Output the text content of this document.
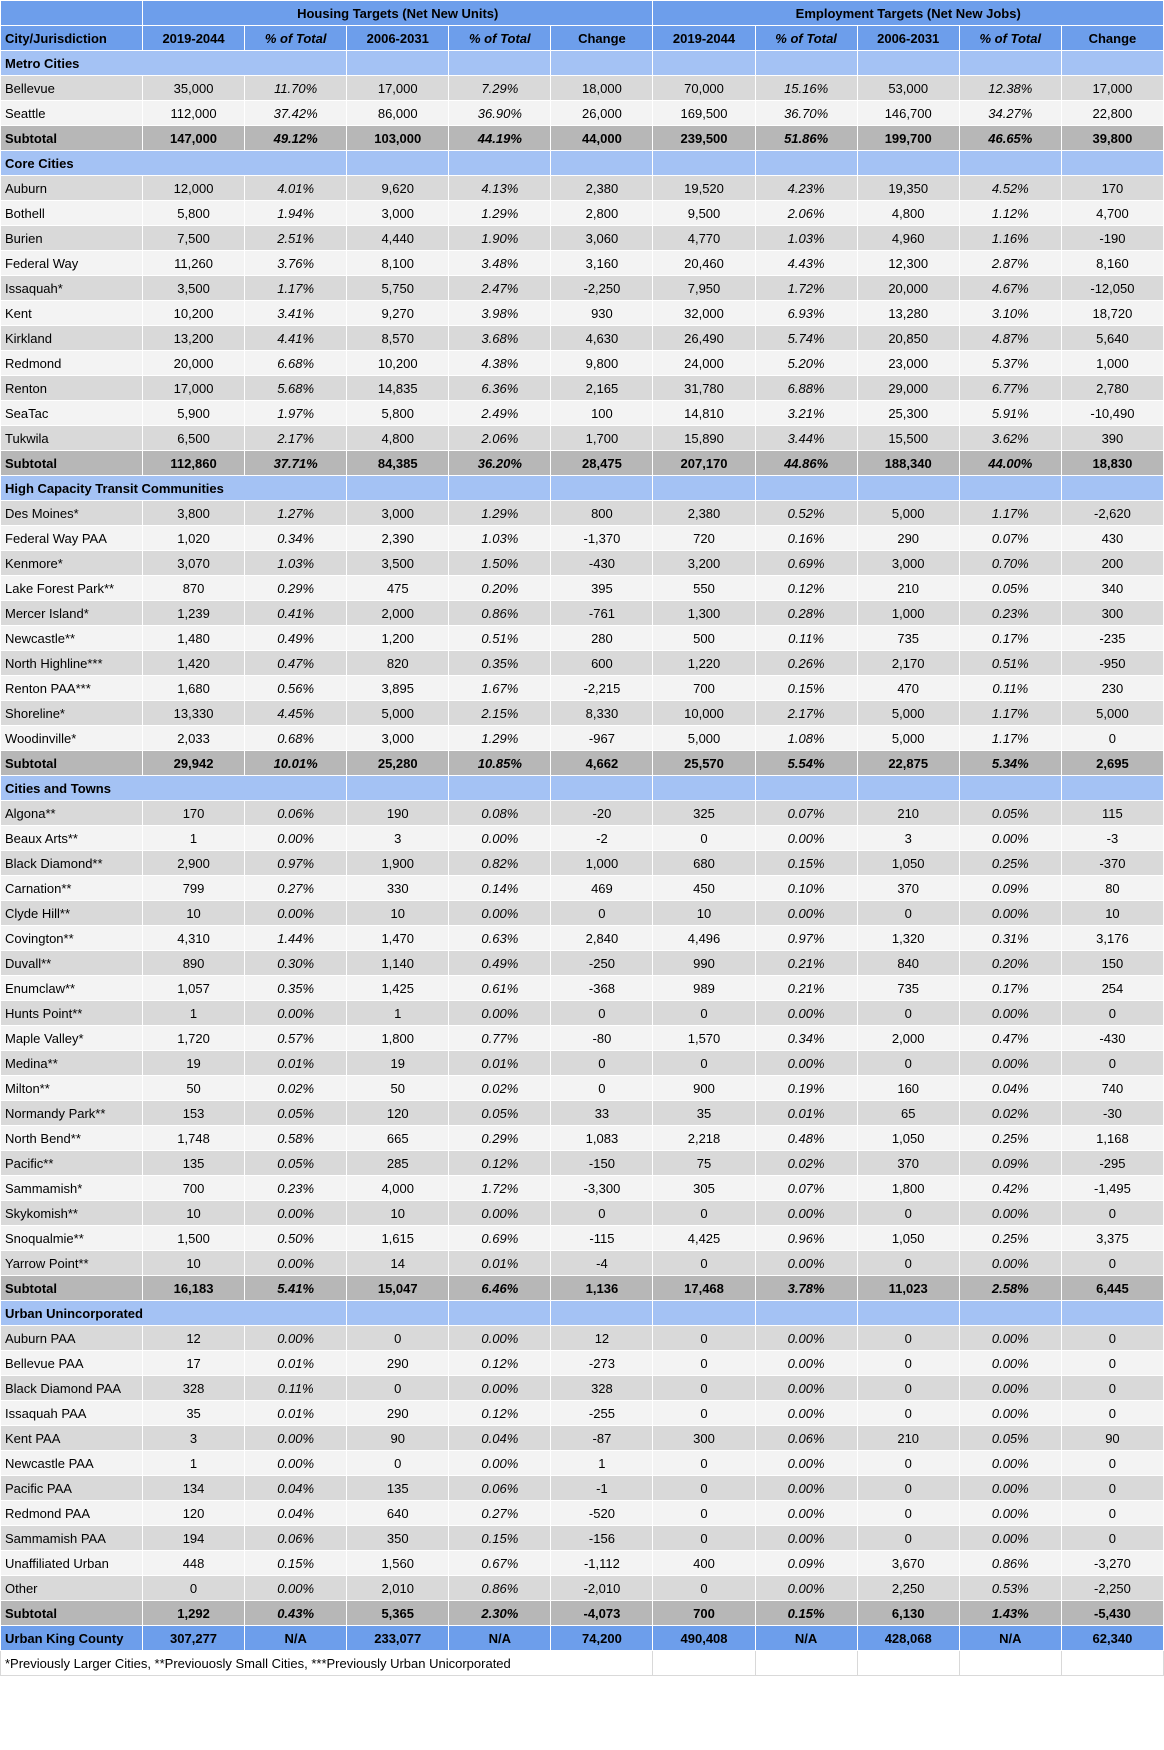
	Housing Targets (Net New Units)					Employment Targets (Net New Jobs)				
City/Jurisdiction	2019-2044	% of Total	2006-2031	% of Total	Change	2019-2044	% of Total	2006-2031	% of Total	Change
Metro Cities										
Bellevue	35,000	11.70%	17,000	7.29%	18,000	70,000	15.16%	53,000	12.38%	17,000
Seattle	112,000	37.42%	86,000	36.90%	26,000	169,500	36.70%	146,700	34.27%	22,800
Subtotal	147,000	49.12%	103,000	44.19%	44,000	239,500	51.86%	199,700	46.65%	39,800
Core Cities										
Auburn	12,000	4.01%	9,620	4.13%	2,380	19,520	4.23%	19,350	4.52%	170
Bothell	5,800	1.94%	3,000	1.29%	2,800	9,500	2.06%	4,800	1.12%	4,700
Burien	7,500	2.51%	4,440	1.90%	3,060	4,770	1.03%	4,960	1.16%	-190
Federal Way	11,260	3.76%	8,100	3.48%	3,160	20,460	4.43%	12,300	2.87%	8,160
Issaquah*	3,500	1.17%	5,750	2.47%	-2,250	7,950	1.72%	20,000	4.67%	-12,050
Kent	10,200	3.41%	9,270	3.98%	930	32,000	6.93%	13,280	3.10%	18,720
Kirkland	13,200	4.41%	8,570	3.68%	4,630	26,490	5.74%	20,850	4.87%	5,640
Redmond	20,000	6.68%	10,200	4.38%	9,800	24,000	5.20%	23,000	5.37%	1,000
Renton	17,000	5.68%	14,835	6.36%	2,165	31,780	6.88%	29,000	6.77%	2,780
SeaTac	5,900	1.97%	5,800	2.49%	100	14,810	3.21%	25,300	5.91%	-10,490
Tukwila	6,500	2.17%	4,800	2.06%	1,700	15,890	3.44%	15,500	3.62%	390
Subtotal	112,860	37.71%	84,385	36.20%	28,475	207,170	44.86%	188,340	44.00%	18,830
High Capacity Transit Communities										
Des Moines*	3,800	1.27%	3,000	1.29%	800	2,380	0.52%	5,000	1.17%	-2,620
Federal Way PAA	1,020	0.34%	2,390	1.03%	-1,370	720	0.16%	290	0.07%	430
Kenmore*	3,070	1.03%	3,500	1.50%	-430	3,200	0.69%	3,000	0.70%	200
Lake Forest Park**	870	0.29%	475	0.20%	395	550	0.12%	210	0.05%	340
Mercer Island*	1,239	0.41%	2,000	0.86%	-761	1,300	0.28%	1,000	0.23%	300
Newcastle**	1,480	0.49%	1,200	0.51%	280	500	0.11%	735	0.17%	-235
North Highline***	1,420	0.47%	820	0.35%	600	1,220	0.26%	2,170	0.51%	-950
Renton PAA***	1,680	0.56%	3,895	1.67%	-2,215	700	0.15%	470	0.11%	230
Shoreline*	13,330	4.45%	5,000	2.15%	8,330	10,000	2.17%	5,000	1.17%	5,000
Woodinville*	2,033	0.68%	3,000	1.29%	-967	5,000	1.08%	5,000	1.17%	0
Subtotal	29,942	10.01%	25,280	10.85%	4,662	25,570	5.54%	22,875	5.34%	2,695
Cities and Towns										
Algona**	170	0.06%	190	0.08%	-20	325	0.07%	210	0.05%	115
Beaux Arts**	1	0.00%	3	0.00%	-2	0	0.00%	3	0.00%	-3
Black Diamond**	2,900	0.97%	1,900	0.82%	1,000	680	0.15%	1,050	0.25%	-370
Carnation**	799	0.27%	330	0.14%	469	450	0.10%	370	0.09%	80
Clyde Hill**	10	0.00%	10	0.00%	0	10	0.00%	0	0.00%	10
Covington**	4,310	1.44%	1,470	0.63%	2,840	4,496	0.97%	1,320	0.31%	3,176
Duvall**	890	0.30%	1,140	0.49%	-250	990	0.21%	840	0.20%	150
Enumclaw**	1,057	0.35%	1,425	0.61%	-368	989	0.21%	735	0.17%	254
Hunts Point**	1	0.00%	1	0.00%	0	0	0.00%	0	0.00%	0
Maple Valley*	1,720	0.57%	1,800	0.77%	-80	1,570	0.34%	2,000	0.47%	-430
Medina**	19	0.01%	19	0.01%	0	0	0.00%	0	0.00%	0
Milton**	50	0.02%	50	0.02%	0	900	0.19%	160	0.04%	740
Normandy Park**	153	0.05%	120	0.05%	33	35	0.01%	65	0.02%	-30
North Bend**	1,748	0.58%	665	0.29%	1,083	2,218	0.48%	1,050	0.25%	1,168
Pacific**	135	0.05%	285	0.12%	-150	75	0.02%	370	0.09%	-295
Sammamish*	700	0.23%	4,000	1.72%	-3,300	305	0.07%	1,800	0.42%	-1,495
Skykomish**	10	0.00%	10	0.00%	0	0	0.00%	0	0.00%	0
Snoqualmie**	1,500	0.50%	1,615	0.69%	-115	4,425	0.96%	1,050	0.25%	3,375
Yarrow Point**	10	0.00%	14	0.01%	-4	0	0.00%	0	0.00%	0
Subtotal	16,183	5.41%	15,047	6.46%	1,136	17,468	3.78%	11,023	2.58%	6,445
Urban Unincorporated										
Auburn PAA	12	0.00%	0	0.00%	12	0	0.00%	0	0.00%	0
Bellevue PAA	17	0.01%	290	0.12%	-273	0	0.00%	0	0.00%	0
Black Diamond PAA	328	0.11%	0	0.00%	328	0	0.00%	0	0.00%	0
Issaquah PAA	35	0.01%	290	0.12%	-255	0	0.00%	0	0.00%	0
Kent PAA	3	0.00%	90	0.04%	-87	300	0.06%	210	0.05%	90
Newcastle PAA	1	0.00%	0	0.00%	1	0	0.00%	0	0.00%	0
Pacific PAA	134	0.04%	135	0.06%	-1	0	0.00%	0	0.00%	0
Redmond PAA	120	0.04%	640	0.27%	-520	0	0.00%	0	0.00%	0
Sammamish PAA	194	0.06%	350	0.15%	-156	0	0.00%	0	0.00%	0
Unaffiliated Urban	448	0.15%	1,560	0.67%	-1,112	400	0.09%	3,670	0.86%	-3,270
Other	0	0.00%	2,010	0.86%	-2,010	0	0.00%	2,250	0.53%	-2,250
Subtotal	1,292	0.43%	5,365	2.30%	-4,073	700	0.15%	6,130	1.43%	-5,430
Urban King County	307,277	N/A	233,077	N/A	74,200	490,408	N/A	428,068	N/A	62,340
*Previously Larger Cities, **Previouosly Small Cities, ***Previously Urban Unicorporated										
